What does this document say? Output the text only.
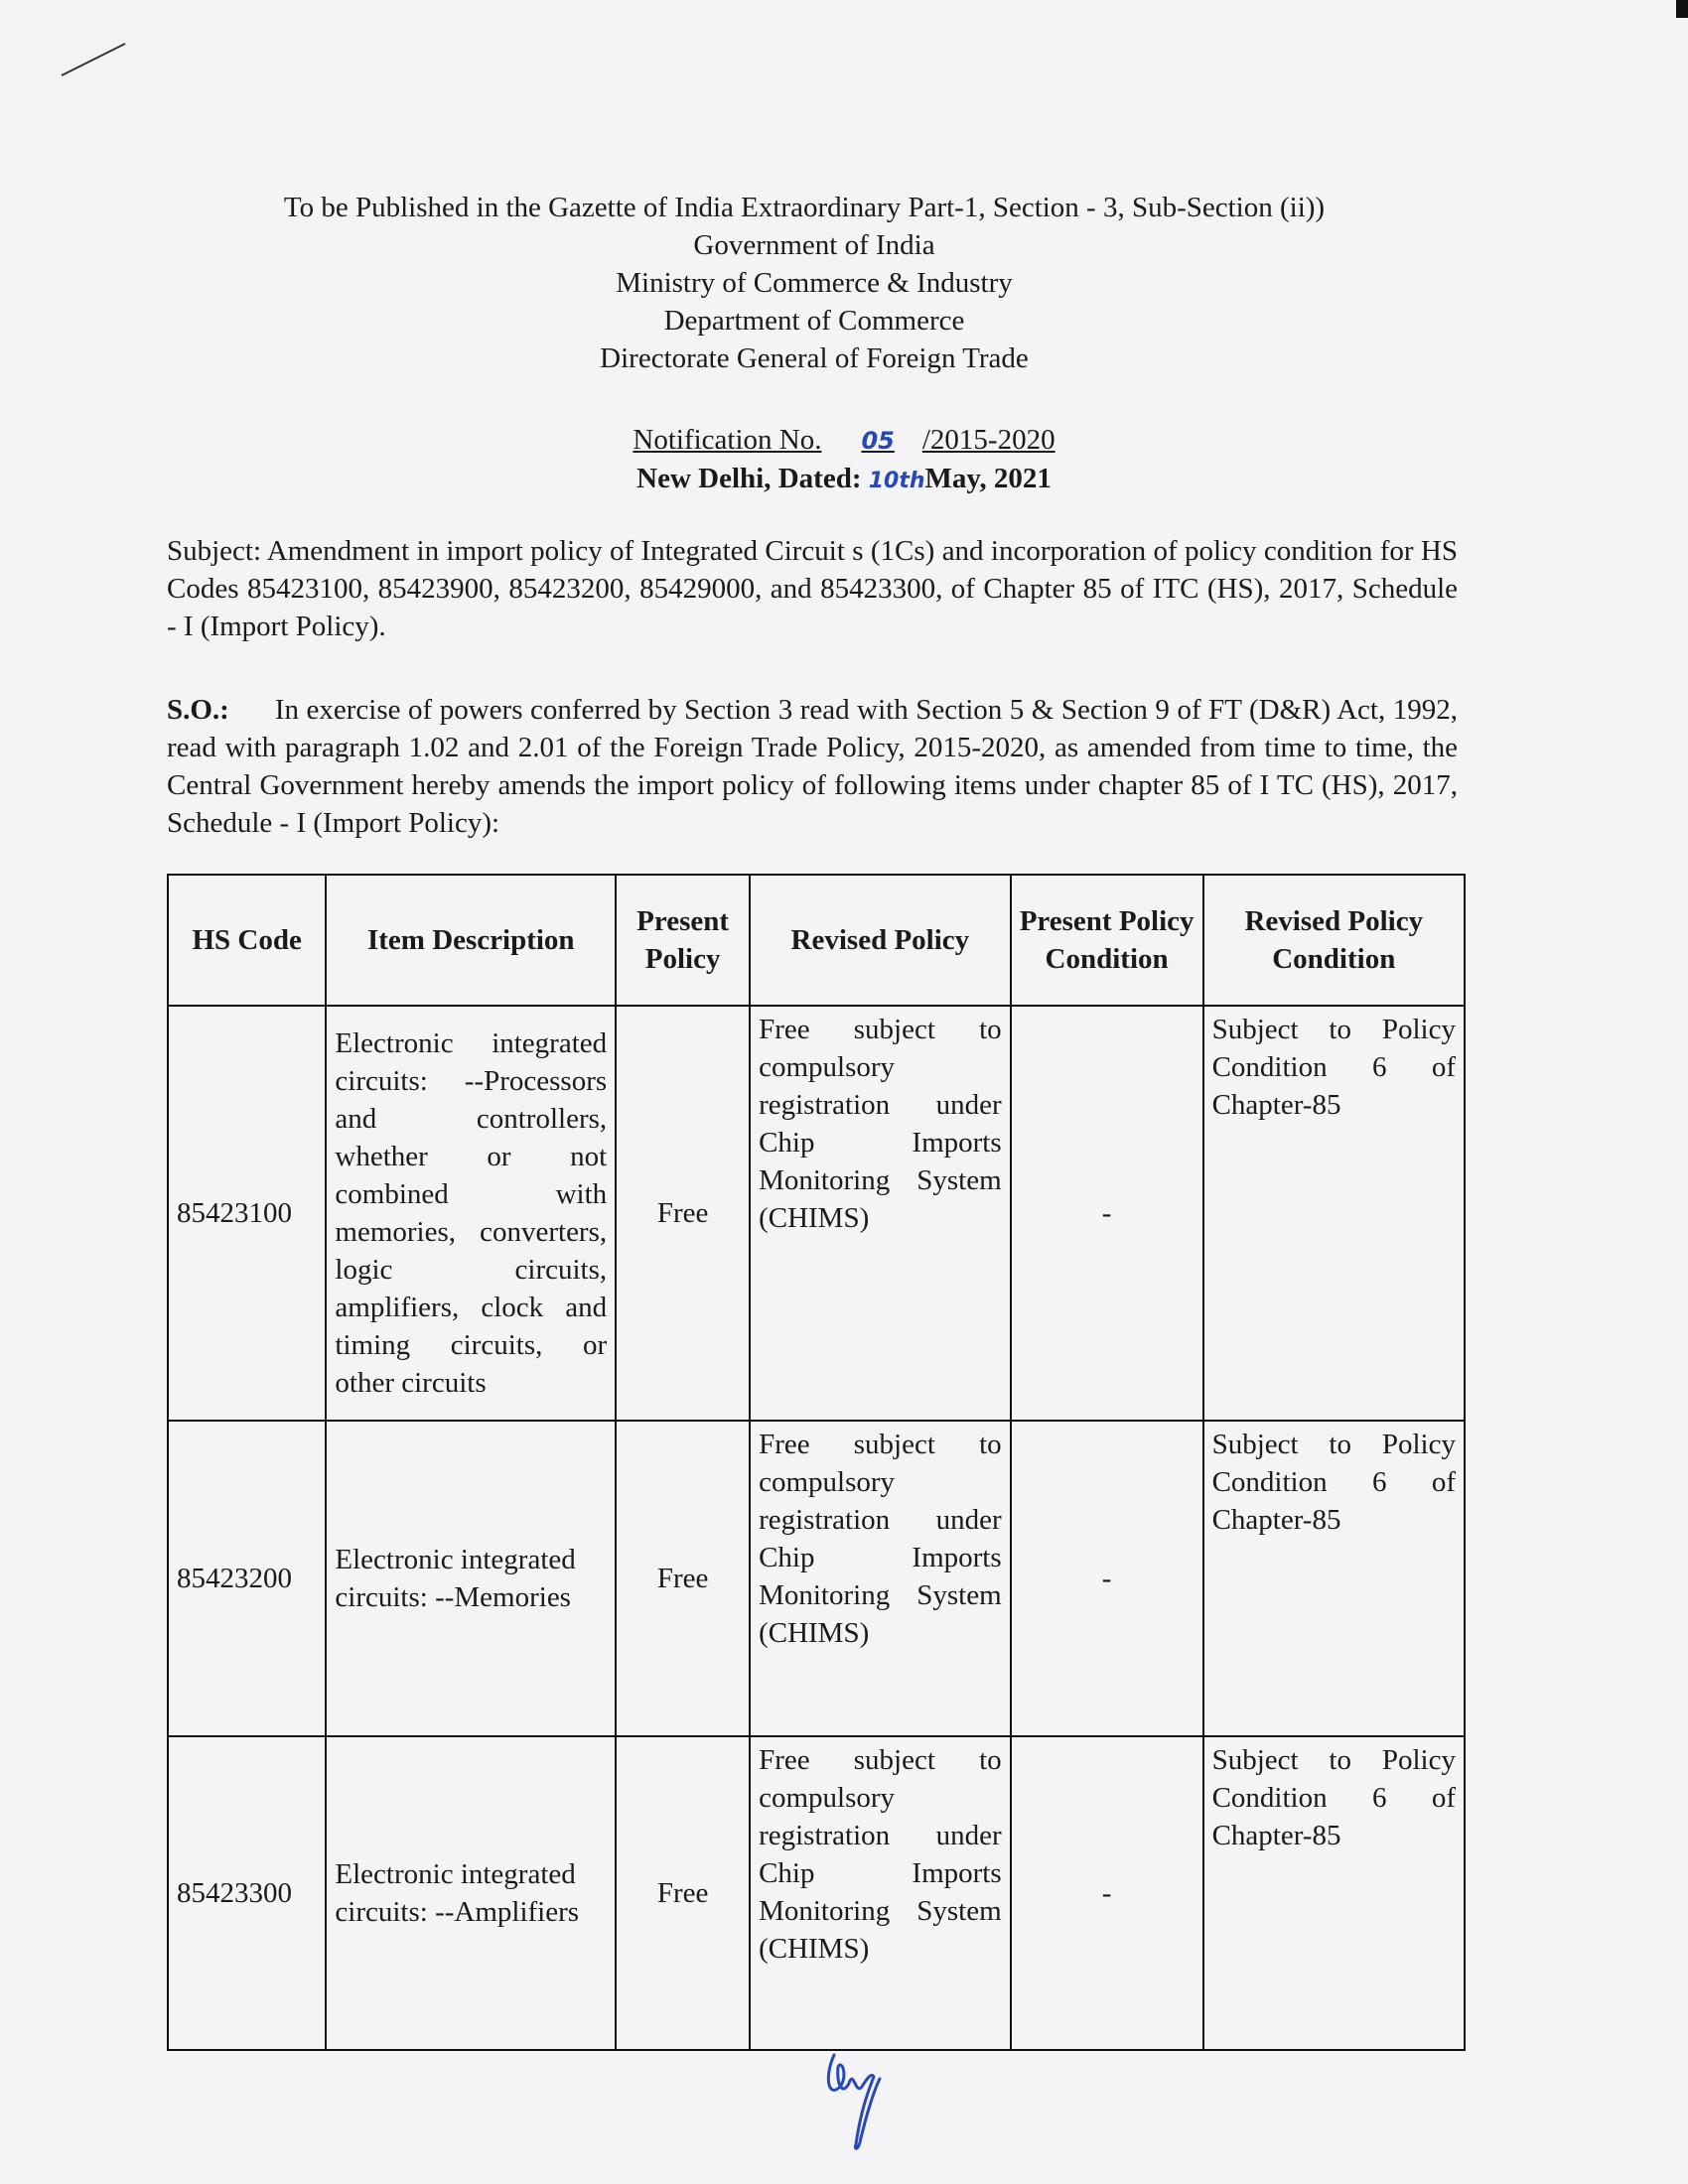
To be Published in the Gazette of India Extraordinary Part-1, Section - 3, Sub-Section (ii))
Government of India
Ministry of Commerce & Industry
Department of Commerce
Directorate General of Foreign Trade
Notification No. 05 /2015-2020
New Delhi, Dated: 10thMay, 2021
Subject: Amendment in import policy of Integrated Circuit s (1Cs) and incorporation of policy condition for HS Codes 85423100, 85423900, 85423200, 85429000, and 85423300, of Chapter 85 of ITC (HS), 2017, Schedule - I (Import Policy).
S.O.: In exercise of powers conferred by Section 3 read with Section 5 & Section 9 of FT (D&R) Act, 1992, read with paragraph 1.02 and 2.01 of the Foreign Trade Policy, 2015-2020, as amended from time to time, the Central Government hereby amends the import policy of following items under chapter 85 of I TC (HS), 2017, Schedule - I (Import Policy):
HS Code	Item Description	Present Policy	Revised Policy	Present Policy Condition	Revised Policy Condition
85423100	Electronic integrated circuits: --Processors and controllers, whether or not combined with memories, converters, logic circuits, amplifiers, clock and timing circuits, or other circuits	Free	Free subject to compulsory registration under Chip Imports Monitoring System (CHIMS)	-	Subject to Policy Condition 6 of Chapter-85
85423200	Electronic integrated circuits: --Memories	Free	Free subject to compulsory registration under Chip Imports Monitoring System (CHIMS)	-	Subject to Policy Condition 6 of Chapter-85
85423300	Electronic integrated circuits: --Amplifiers	Free	Free subject to compulsory registration under Chip Imports Monitoring System (CHIMS)	-	Subject to Policy Condition 6 of Chapter-85
